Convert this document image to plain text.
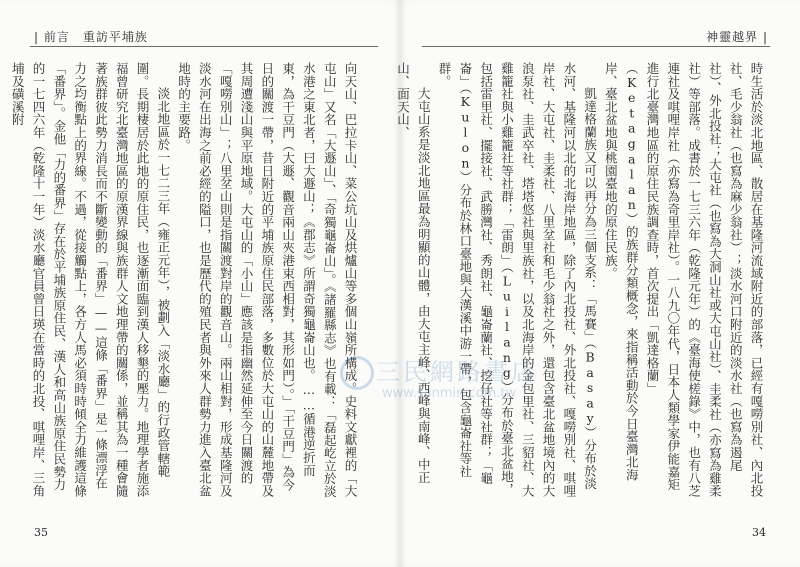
| 前言　重訪平埔族

向天山、巴拉卡山、菜公坑山及烘爐山等多個山嶺所構成。史料文獻裡的「大屯山」又名「大遯山」、「奇獨龜崙山」。《諸羅縣志》也有載：「磊起屹立於淡水港之東北者，曰大遯山；《郡志》所謂奇獨龜崙山也。……循港逆折而東，為干豆門（大遯、觀音兩山夾港束西相對，其形如門）。」「干豆門」為今日的關渡一帶，昔日附近的平埔族原住民部落，多數位於大屯山的山麓地帶及其周遭淺山與平原地域。大屯山的「小山」應該是指幽然延伸至今日關渡的「嘎嘮別山」；八里坌山則是指關渡對岸的觀音山。兩山相對，形成基隆河及淡水河在出海之前必經的隘口，也是歷代的殖民者與外來人群勢力進入臺北盆地時的主要路。

淡北地區於一七二三年（雍正元年），被劃入「淡水廳」的行政管轄範圍。長期棲居於此地的原住民，也逐漸面臨到漢人移墾的壓力。地理學者施添福曾研究北臺灣地區的原漢界線與族群人文地理帶的關係，並稱其為一種會隨著族群彼此勢力消長而不斷變動的「番界」——這條「番界」是一條漂浮在力之均衡點上的界線。不過，從接觸點上，各方人馬必須時時傾全力維護這條「番界」。金他「力的番界」存在於平埔族原住民、漢人和高山族原住民勢力的一七四六年（乾隆十一年）淡水廳官員曾日瑛在當時的北投、唭哩岸、三角埔及磺溪附

35
神靈越界 |

時生活於淡北地區、散居在基隆河流域附近的部落，已經有嘎嘮別社、內北投社、毛少翁社（也寫為麻少翁社）；淡水河口附近的淡水社（也寫為遏尾社）、外北投社；大屯社（也寫為大洞山社或大屯山社）、圭柔社（亦寫為雞柔社）等部落。成書於一七三六年（乾隆元年）的《臺海使槎錄》中，也有八芝連社及唭哩岸社（亦寫為奇里岸社）。一八九〇年代，日本人類學家伊能嘉矩進行北臺灣地區的原住民族調查時，首次提出「凱達格蘭」（Ketagalan）的族群分類概念，來指稱活動於今日臺灣北海岸、臺北盆地與桃園臺地的原住民族。

凱達格蘭族又可以再分為三個支系：「馬賽」（Basay）分布於淡水河、基隆河以北的北海岸地區，除了內北投社、外北投社、嘎嘮別社、唭哩岸社、大屯社、圭柔社、八里坌社和毛少翁社之外，還包含臺北盆地境內的大浪泵社、圭武卒社、塔塔悠社與里族社，以及北海岸的金包里社、三貂社、大雞籠社與小雞籠社等社群；「雷朗」（Luilang）分布於臺北盆地，包括雷里社、擺接社、武勝灣社、秀朗社、龜崙蘭社、挖仔社等社群；「龜崙」（Kulon）分布於林口臺地與大漢溪中游一帶，包含龜崙社等社群。

大屯山系是淡北地區最為明顯的山體，由大屯主峰、西峰與南峰、中正山、面天山、

34
三民網路書店
www.sanmin.com.tw
